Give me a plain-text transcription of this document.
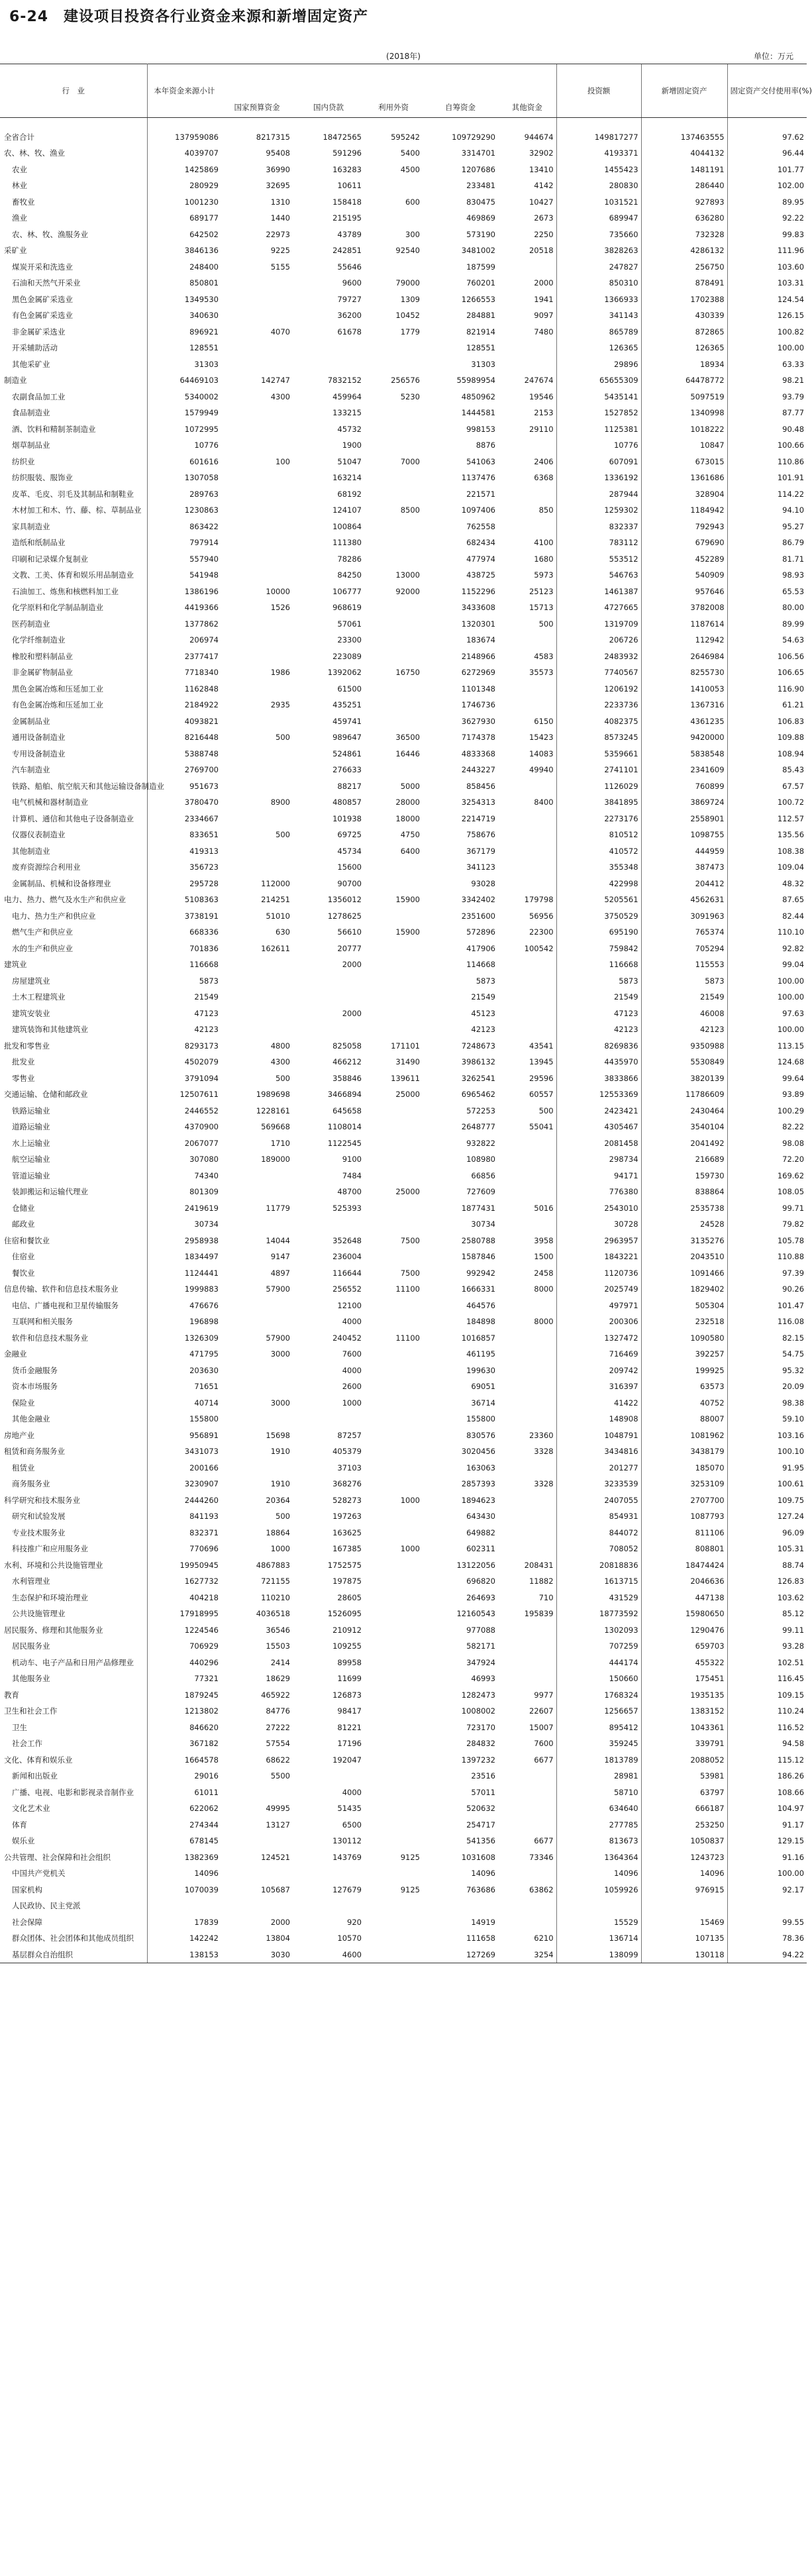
6-24　建设项目投资各行业资金来源和新增固定资产
(2018年)	单位：万元
行　业	本年资金来源小计						投资额	新增固定资产	固定资产交付使用率(%)
		国家预算资金	国内贷款	利用外资	自筹资金	其他资金			

全省合计	137959086	8217315	18472565	595242	109729290	944674	149817277	137463555	97.62
农、林、牧、渔业	4039707	95408	591296	5400	3314701	32902	4193371	4044132	96.44
农业	1425869	36990	163283	4500	1207686	13410	1455423	1481191	101.77
林业	280929	32695	10611		233481	4142	280830	286440	102.00
畜牧业	1001230	1310	158418	600	830475	10427	1031521	927893	89.95
渔业	689177	1440	215195		469869	2673	689947	636280	92.22
农、林、牧、渔服务业	642502	22973	43789	300	573190	2250	735660	732328	99.83
采矿业	3846136	9225	242851	92540	3481002	20518	3828263	4286132	111.96
煤炭开采和洗选业	248400	5155	55646		187599		247827	256750	103.60
石油和天然气开采业	850801		9600	79000	760201	2000	850310	878491	103.31
黑色金属矿采选业	1349530		79727	1309	1266553	1941	1366933	1702388	124.54
有色金属矿采选业	340630		36200	10452	284881	9097	341143	430339	126.15
非金属矿采选业	896921	4070	61678	1779	821914	7480	865789	872865	100.82
开采辅助活动	128551				128551		126365	126365	100.00
其他采矿业	31303				31303		29896	18934	63.33
制造业	64469103	142747	7832152	256576	55989954	247674	65655309	64478772	98.21
农副食品加工业	5340002	4300	459964	5230	4850962	19546	5435141	5097519	93.79
食品制造业	1579949		133215		1444581	2153	1527852	1340998	87.77
酒、饮料和精制茶制造业	1072995		45732		998153	29110	1125381	1018222	90.48
烟草制品业	10776		1900		8876		10776	10847	100.66
纺织业	601616	100	51047	7000	541063	2406	607091	673015	110.86
纺织服装、服饰业	1307058		163214		1137476	6368	1336192	1361686	101.91
皮革、毛皮、羽毛及其制品和制鞋业	289763		68192		221571		287944	328904	114.22
木材加工和木、竹、藤、棕、草制品业	1230863		124107	8500	1097406	850	1259302	1184942	94.10
家具制造业	863422		100864		762558		832337	792943	95.27
造纸和纸制品业	797914		111380		682434	4100	783112	679690	86.79
印刷和记录媒介复制业	557940		78286		477974	1680	553512	452289	81.71
文教、工美、体育和娱乐用品制造业	541948		84250	13000	438725	5973	546763	540909	98.93
石油加工、炼焦和核燃料加工业	1386196	10000	106777	92000	1152296	25123	1461387	957646	65.53
化学原料和化学制品制造业	4419366	1526	968619		3433608	15713	4727665	3782008	80.00
医药制造业	1377862		57061		1320301	500	1319709	1187614	89.99
化学纤维制造业	206974		23300		183674		206726	112942	54.63
橡胶和塑料制品业	2377417		223089		2148966	4583	2483932	2646984	106.56
非金属矿物制品业	7718340	1986	1392062	16750	6272969	35573	7740567	8255730	106.65
黑色金属冶炼和压延加工业	1162848		61500		1101348		1206192	1410053	116.90
有色金属冶炼和压延加工业	2184922	2935	435251		1746736		2233736	1367316	61.21
金属制品业	4093821		459741		3627930	6150	4082375	4361235	106.83
通用设备制造业	8216448	500	989647	36500	7174378	15423	8573245	9420000	109.88
专用设备制造业	5388748		524861	16446	4833368	14083	5359661	5838548	108.94
汽车制造业	2769700		276633		2443227	49940	2741101	2341609	85.43
铁路、船舶、航空航天和其他运输设备制造业	951673		88217	5000	858456		1126029	760899	67.57
电气机械和器材制造业	3780470	8900	480857	28000	3254313	8400	3841895	3869724	100.72
计算机、通信和其他电子设备制造业	2334667		101938	18000	2214719		2273176	2558901	112.57
仪器仪表制造业	833651	500	69725	4750	758676		810512	1098755	135.56
其他制造业	419313		45734	6400	367179		410572	444959	108.38
废弃资源综合利用业	356723		15600		341123		355348	387473	109.04
金属制品、机械和设备修理业	295728	112000	90700		93028		422998	204412	48.32
电力、热力、燃气及水生产和供应业	5108363	214251	1356012	15900	3342402	179798	5205561	4562631	87.65
电力、热力生产和供应业	3738191	51010	1278625		2351600	56956	3750529	3091963	82.44
燃气生产和供应业	668336	630	56610	15900	572896	22300	695190	765374	110.10
水的生产和供应业	701836	162611	20777		417906	100542	759842	705294	92.82
建筑业	116668		2000		114668		116668	115553	99.04
房屋建筑业	5873				5873		5873	5873	100.00
土木工程建筑业	21549				21549		21549	21549	100.00
建筑安装业	47123		2000		45123		47123	46008	97.63
建筑装饰和其他建筑业	42123				42123		42123	42123	100.00
批发和零售业	8293173	4800	825058	171101	7248673	43541	8269836	9350988	113.15
批发业	4502079	4300	466212	31490	3986132	13945	4435970	5530849	124.68
零售业	3791094	500	358846	139611	3262541	29596	3833866	3820139	99.64
交通运输、仓储和邮政业	12507611	1989698	3466894	25000	6965462	60557	12553369	11786609	93.89
铁路运输业	2446552	1228161	645658		572253	500	2423421	2430464	100.29
道路运输业	4370900	569668	1108014		2648777	55041	4305467	3540104	82.22
水上运输业	2067077	1710	1122545		932822		2081458	2041492	98.08
航空运输业	307080	189000	9100		108980		298734	216689	72.20
管道运输业	74340		7484		66856		94171	159730	169.62
装卸搬运和运输代理业	801309		48700	25000	727609		776380	838864	108.05
仓储业	2419619	11779	525393		1877431	5016	2543010	2535738	99.71
邮政业	30734				30734		30728	24528	79.82
住宿和餐饮业	2958938	14044	352648	7500	2580788	3958	2963957	3135276	105.78
住宿业	1834497	9147	236004		1587846	1500	1843221	2043510	110.88
餐饮业	1124441	4897	116644	7500	992942	2458	1120736	1091466	97.39
信息传输、软件和信息技术服务业	1999883	57900	256552	11100	1666331	8000	2025749	1829402	90.26
电信、广播电视和卫星传输服务	476676		12100		464576		497971	505304	101.47
互联网和相关服务	196898		4000		184898	8000	200306	232518	116.08
软件和信息技术服务业	1326309	57900	240452	11100	1016857		1327472	1090580	82.15
金融业	471795	3000	7600		461195		716469	392257	54.75
货币金融服务	203630		4000		199630		209742	199925	95.32
资本市场服务	71651		2600		69051		316397	63573	20.09
保险业	40714	3000	1000		36714		41422	40752	98.38
其他金融业	155800				155800		148908	88007	59.10
房地产业	956891	15698	87257		830576	23360	1048791	1081962	103.16
租赁和商务服务业	3431073	1910	405379		3020456	3328	3434816	3438179	100.10
租赁业	200166		37103		163063		201277	185070	91.95
商务服务业	3230907	1910	368276		2857393	3328	3233539	3253109	100.61
科学研究和技术服务业	2444260	20364	528273	1000	1894623		2407055	2707700	109.75
研究和试验发展	841193	500	197263		643430		854931	1087793	127.24
专业技术服务业	832371	18864	163625		649882		844072	811106	96.09
科技推广和应用服务业	770696	1000	167385	1000	602311		708052	808801	105.31
水利、环境和公共设施管理业	19950945	4867883	1752575		13122056	208431	20818836	18474424	88.74
水利管理业	1627732	721155	197875		696820	11882	1613715	2046636	126.83
生态保护和环境治理业	404218	110210	28605		264693	710	431529	447138	103.62
公共设施管理业	17918995	4036518	1526095		12160543	195839	18773592	15980650	85.12
居民服务、修理和其他服务业	1224546	36546	210912		977088		1302093	1290476	99.11
居民服务业	706929	15503	109255		582171		707259	659703	93.28
机动车、电子产品和日用产品修理业	440296	2414	89958		347924		444174	455322	102.51
其他服务业	77321	18629	11699		46993		150660	175451	116.45
教育	1879245	465922	126873		1282473	9977	1768324	1935135	109.15
卫生和社会工作	1213802	84776	98417		1008002	22607	1256657	1383152	110.24
卫生	846620	27222	81221		723170	15007	895412	1043361	116.52
社会工作	367182	57554	17196		284832	7600	359245	339791	94.58
文化、体育和娱乐业	1664578	68622	192047		1397232	6677	1813789	2088052	115.12
新闻和出版业	29016	5500			23516		28981	53981	186.26
广播、电视、电影和影视录音制作业	61011		4000		57011		58710	63797	108.66
文化艺术业	622062	49995	51435		520632		634640	666187	104.97
体育	274344	13127	6500		254717		277785	253250	91.17
娱乐业	678145		130112		541356	6677	813673	1050837	129.15
公共管理、社会保障和社会组织	1382369	124521	143769	9125	1031608	73346	1364364	1243723	91.16
中国共产党机关	14096				14096		14096	14096	100.00
国家机构	1070039	105687	127679	9125	763686	63862	1059926	976915	92.17
人民政协、民主党派									
社会保障	17839	2000	920		14919		15529	15469	99.55
群众团体、社会团体和其他成员组织	142242	13804	10570		111658	6210	136714	107135	78.36
基层群众自治组织	138153	3030	4600		127269	3254	138099	130118	94.22
